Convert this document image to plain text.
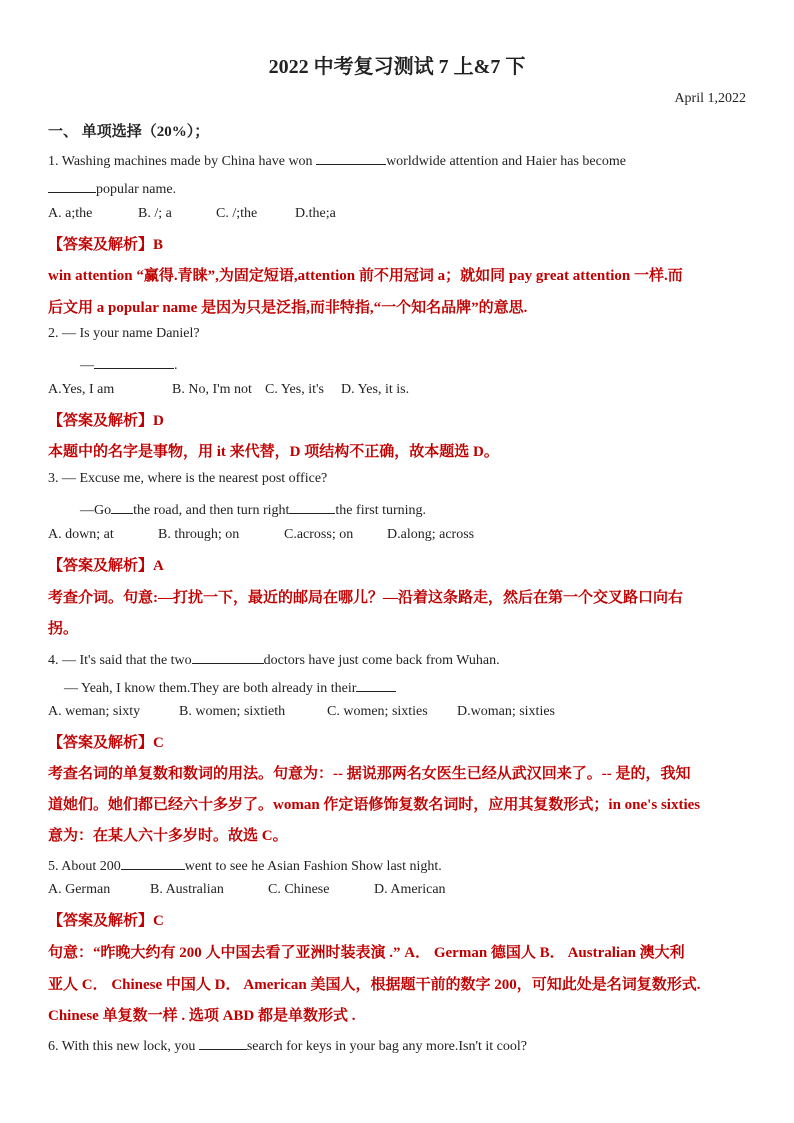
2022 中考复习测试 7 上&7 下
April 1,2022
一、 单项选择（20%）；
1. Washing machines made by China have won	worldwide attention and Haier has become
popular name.
A. a;the	B. /; a	C. /;the	D.the;a
【答案及解析】B
win attention “赢得.青睐”,为固定短语,attention 前不用冠词 a；就如同 pay great attention 一样.而
后文用 a popular name 是因为只是泛指,而非特指,“一个知名品牌”的意思.
2. — Is your name Daniel?
—	.
A.Yes, I am	B. No, I'm not C. Yes, it's D. Yes, it is.
【答案及解析】D
本题中的名字是事物，用 it 来代替，D 项结构不正确，故本题选 D。
3. — Excuse me, where is the nearest post office?
—Go the road, and then turn right	the first turning.
A. down; at	B. through; on	C.across; on D.along; across
【答案及解析】A
考查介词。句意:—打扰一下，最近的邮局在哪儿？—沿着这条路走，然后在第一个交叉路口向右
拐。
4. — It's said that the two	doctors have just come back from Wuhan.
— Yeah, I know them.They are both already in their
A. weman; sixty	B. women; sixtieth	C. women; sixties D.woman; sixties
【答案及解析】C
考查名词的单复数和数词的用法。句意为：-- 据说那两名女医生已经从武汉回来了。-- 是的，我知
道她们。她们都已经六十多岁了。woman 作定语修饰复数名词时，应用其复数形式；in one's sixties
意为：在某人六十多岁时。故选 C。
5. About 200	went to see he Asian Fashion Show last night.
A. German	B. Australian	C. Chinese	D. American
【答案及解析】C
句意：“昨晚大约有 200 人中国去看了亚洲时装表演 .” A． German 德国人 B． Australian 澳大利
亚人 C． Chinese 中国人 D． American 美国人，根据题干前的数字 200，可知此处是名词复数形式.
Chinese 单复数一样 . 选项 ABD 都是单数形式 .
6. With this new lock, you	search for keys in your bag any more.Isn't it cool?
